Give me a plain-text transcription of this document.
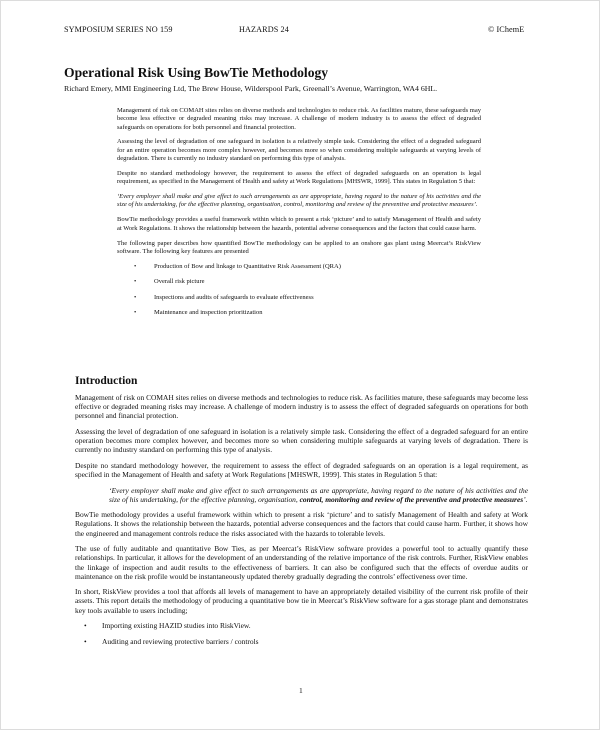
SYMPOSIUM SERIES NO 159	HAZARDS 24	© IChemE
Operational Risk Using BowTie Methodology
Richard Emery, MMI Engineering Ltd, The Brew House, Wilderspool Park, Greenall’s Avenue, Warrington, WA4 6HL.

Management of risk on COMAH sites relies on diverse methods and technologies to reduce risk. As facilities mature, these safeguards may become less effective or degraded meaning risks may increase. A challenge of modern industry is to assess the effect of degraded safeguards on operations for both personnel and financial protection.

Assessing the level of degradation of one safeguard in isolation is a relatively simple task. Considering the effect of a degraded safeguard for an entire operation becomes more complex however, and becomes more so when considering multiple safeguards at varying levels of degradation. There is currently no industry standard on performing this type of analysis.

Despite no standard methodology however, the requirement to assess the effect of degraded safeguards on an operation is legal requirement, as specified in the Management of Health and safety at Work Regulations [MHSWR, 1999]. This states in Regulation 5 that:

‘Every employer shall make and give effect to such arrangements as are appropriate, having regard to the nature of his activities and the size of his undertaking, for the effective planning, organisation, control, monitoring and review of the preventive and protective measures’.

BowTie methodology provides a useful framework within which to present a risk ‘picture’ and to satisfy Management of Health and safety at Work Regulations. It shows the relationship between the hazards, potential adverse consequences and the factors that could cause harm.

The following paper describes how quantified BowTie methodology can be applied to an onshore gas plant using Meercat’s RiskView software. The following key features are presented

•	Production of Bow and linkage to Quantitative Risk Assessment (QRA)
•	Overall risk picture
•	Inspections and audits of safeguards to evaluate effectiveness
•	Maintenance and inspection prioritization
Introduction

Management of risk on COMAH sites relies on diverse methods and technologies to reduce risk. As facilities mature, these safeguards may become less effective or degraded meaning risks may increase. A challenge of modern industry is to assess the effect of degraded safeguards on operations for both personnel and financial protection.

Assessing the level of degradation of one safeguard in isolation is a relatively simple task. Considering the effect of a degraded safeguard for an entire operation becomes more complex however, and becomes more so when considering multiple safeguards at varying levels of degradation. There is currently no industry standard on performing this type of analysis.

Despite no standard methodology however, the requirement to assess the effect of degraded safeguards on an operation is a legal requirement, as specified in the Management of Health and safety at Work Regulations [MHSWR, 1999]. This states in Regulation 5 that:

‘Every employer shall make and give effect to such arrangements as are appropriate, having regard to the nature of his activities and the size of his undertaking, for the effective planning, organisation, control, monitoring and review of the preventive and protective measures’.

BowTie methodology provides a useful framework within which to present a risk ‘picture’ and to satisfy Management of Health and safety at Work Regulations. It shows the relationship between the hazards, potential adverse consequences and the factors that could cause harm. Further, it shows how the engineered and management controls reduce the risks associated with the hazards to tolerable levels.

The use of fully auditable and quantitative Bow Ties, as per Meercat’s RiskView software provides a powerful tool to actually quantify these relationships. In particular, it allows for the development of an understanding of the relative importance of the risk controls. Further, RiskView enables the linkage of inspection and audit results to the effectiveness of barriers. It can also be configured such that the effects of overdue audits or maintenance on the risk profile would be instantaneously updated thereby gradually degrading the controls’ effectiveness over time.

In short, RiskView provides a tool that affords all levels of management to have an appropriately detailed visibility of the current risk profile of their assets. This report details the methodology of producing a quantitative bow tie in Meercat’s RiskView software for a gas storage plant and demonstrates key tools available to users including;

• Importing existing HAZID studies into RiskView.
• Auditing and reviewing protective barriers / controls
1
